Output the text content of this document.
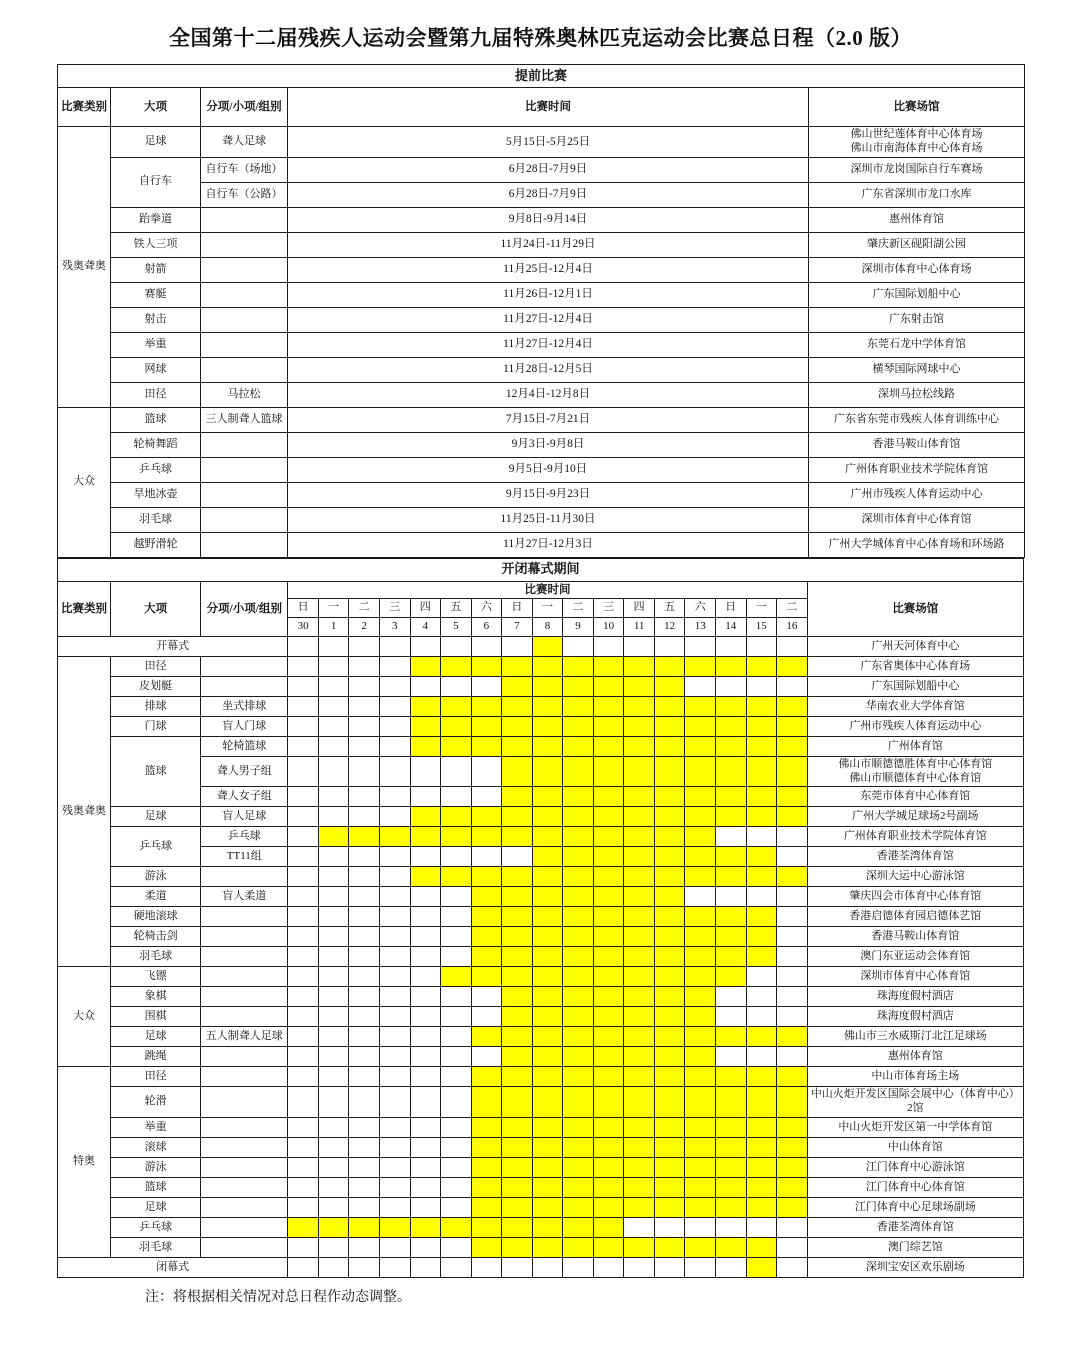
全国第十二届残疾人运动会暨第九届特殊奥林匹克运动会比赛总日程（2.0 版）
提前比赛				
比赛类别	大项	分项/小项/组别	比赛时间	比赛场馆
残奥聋奥	足球	聋人足球	5月15日-5月25日	佛山世纪莲体育中心体育场
佛山市南海体育中心体育场
	自行车	自行车（场地）	6月28日-7月9日	深圳市龙岗国际自行车赛场
		自行车（公路）	6月28日-7月9日	广东省深圳市龙口水库
	跆拳道		9月8日-9月14日	惠州体育馆
	铁人三项		11月24日-11月29日	肇庆新区砚阳湖公园
	射箭		11月25日-12月4日	深圳市体育中心体育场
	赛艇		11月26日-12月1日	广东国际划船中心
	射击		11月27日-12月4日	广东射击馆
	举重		11月27日-12月4日	东莞石龙中学体育馆
	网球		11月28日-12月5日	横琴国际网球中心
	田径	马拉松	12月4日-12月8日	深圳马拉松线路
大众	篮球	三人制聋人篮球	7月15日-7月21日	广东省东莞市残疾人体育训练中心
	轮椅舞蹈		9月3日-9月8日	香港马鞍山体育馆
	乒乓球		9月5日-9月10日	广州体育职业技术学院体育馆
	旱地冰壶		9月15日-9月23日	广州市残疾人体育运动中心
	羽毛球		11月25日-11月30日	深圳市体育中心体育馆
	越野滑轮		11月27日-12月3日	广州大学城体育中心体育场和环场路
开闭幕式期间																				
比赛类别	大项	分项/小项/组别	比赛时间																	比赛场馆
			日	一	二	三	四	五	六	日	一	二	三	四	五	六	日	一	二	
			30	1	2	3	4	5	6	7	8	9	10	11	12	13	14	15	16	
开幕式																				广州天河体育中心
残奥聋奥	田径																			广东省奥体中心体育场
	皮划艇																			广东国际划船中心
	排球	坐式排球																		华南农业大学体育馆
	门球	盲人门球																		广州市残疾人体育运动中心
	篮球	轮椅篮球																		广州体育馆
		聋人男子组																		佛山市顺德德胜体育中心体育馆
佛山市顺德体育中心体育馆
		聋人女子组																		东莞市体育中心体育馆
	足球	盲人足球																		广州大学城足球场2号副场
	乒乓球	乒乓球																		广州体育职业技术学院体育馆
		TT11组																		香港荃湾体育馆
	游泳																			深圳大运中心游泳馆
	柔道	盲人柔道																		肇庆四会市体育中心体育馆
	硬地滚球																			香港启德体育园启德体艺馆
	轮椅击剑																			香港马鞍山体育馆
	羽毛球																			澳门东亚运动会体育馆
大众	飞镖																			深圳市体育中心体育馆
	象棋																			珠海度假村酒店
	围棋																			珠海度假村酒店
	足球	五人制聋人足球																		佛山市三水威斯汀北江足球场
	跳绳																			惠州体育馆
特奥	田径																			中山市体育场主场
	轮滑																			中山火炬开发区国际会展中心（体育中心）2馆
	举重																			中山火炬开发区第一中学体育馆
	滚球																			中山体育馆
	游泳																			江门体育中心游泳馆
	篮球																			江门体育中心体育馆
	足球																			江门体育中心足球场副场
	乒乓球																			香港荃湾体育馆
	羽毛球																			澳门综艺馆
闭幕式																				深圳宝安区欢乐剧场
注：将根据相关情况对总日程作动态调整。
